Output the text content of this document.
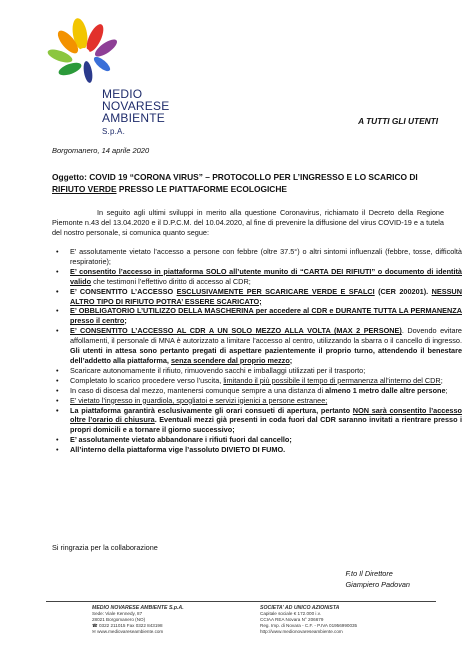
MEDIO
NOVARESE
AMBIENTE S.p.A.
A TUTTI GLI UTENTI
Borgomanero, 14 aprile 2020
Oggetto: COVID 19 “CORONA VIRUS” – PROTOCOLLO PER L’INGRESSO E LO SCARICO DI RIFIUTO VERDE PRESSO LE PIATTAFORME ECOLOGICHE
In seguito agli ultimi sviluppi in merito alla questione Coronavirus, richiamato il Decreto della Regione Piemonte n.43 del 13.04.2020 e il D.P.C.M. del 10.04.2020, al fine di prevenire la diffusione del virus COVID-19 e a tutela del nostro personale, si comunica quanto segue:
• E' assolutamente vietato l’accesso a persone con febbre (oltre 37.5°) o altri sintomi influenzali (febbre, tosse, difficoltà respiratorie);
• E’ consentito l’accesso in piattaforma SOLO all’utente munito di “CARTA DEI RIFIUTI” o documento di identità valido che testimoni l’effettivo diritto di accesso al CDR;
• E’ CONSENTITO L’ACCESSO ESCLUSIVAMENTE PER SCARICARE VERDE E SFALCI (CER 200201). NESSUN ALTRO TIPO DI RIFIUTO POTRA’ ESSERE SCARICATO;
• E’ OBBLIGATORIO L’UTILIZZO DELLA MASCHERINA per accedere al CDR e DURANTE TUTTA LA PERMANENZA presso il centro;
• E’ CONSENTITO L’ACCESSO AL CDR A UN SOLO MEZZO ALLA VOLTA (MAX 2 PERSONE). Dovendo evitare affollamenti, il personale di MNA è autorizzato a limitare l’accesso al centro, utilizzando la sbarra o il cancello di ingresso. Gli utenti in attesa sono pertanto pregati di aspettare pazientemente il proprio turno, attendendo il benestare dell’addetto alla piattaforma, senza scendere dal proprio mezzo;
• Scaricare autonomamente il rifiuto, rimuovendo sacchi e imballaggi utilizzati per il trasporto;
• Completato lo scarico procedere verso l’uscita, limitando il più possibile il tempo di permanenza all’interno del CDR;
• In caso di discesa dal mezzo, mantenersi comunque sempre a una distanza di almeno 1 metro dalle altre persone;
• E’ vietato l’ingresso in guardiola, spogliatoi e servizi igienici a persone estranee;
• La piattaforma garantirà esclusivamente gli orari consueti di apertura, pertanto NON sarà consentito l’accesso oltre l’orario di chiusura. Eventuali mezzi già presenti in coda fuori dal CDR saranno invitati a rientrare presso i propri domicili e a tornare il giorno successivo;
• E’ assolutamente vietato abbandonare i rifiuti fuori dal cancello;
• All’interno della piattaforma vige l’assoluto DIVIETO DI FUMO.
Si ringrazia per la collaborazione
F.to Il Direttore
Giampiero Padovan
MEDIO NOVARESE AMBIENTE S.p.A.
Sede: Viale Kennedy, 87
28021 Borgomanero (NO)
☎ 0322 211015 Fax 0322 843198
✉ www.mediovareseambiente.com
SOCIETA’ AD UNICO AZIONISTA
Capitale sociale € 172.000 i.v.
CCIAA REA Novara N° 206679
Reg. Imp. di Novara - C.F. - P.IVA 01956990035
http://www.medionovareseambiente.com
